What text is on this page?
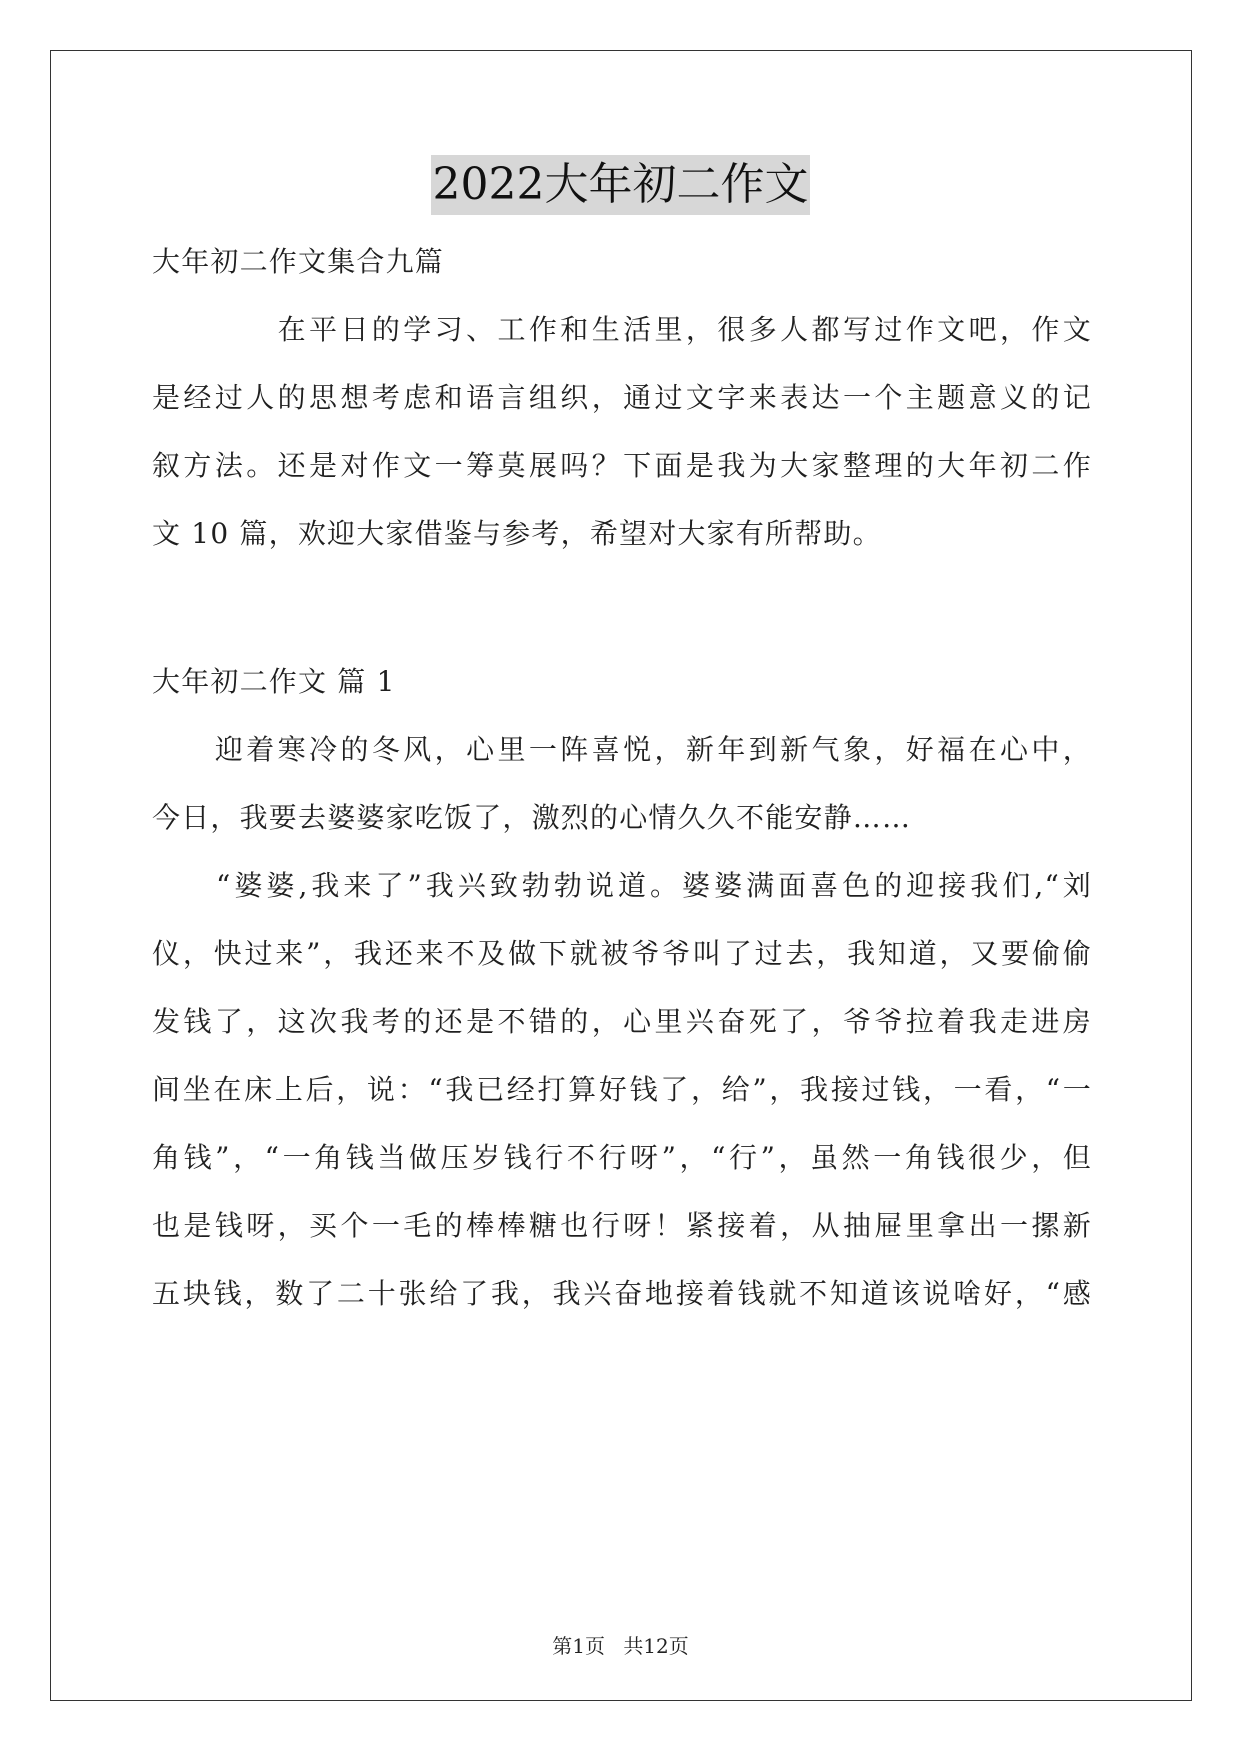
2022大年初二作文
大年初二作文集合九篇
　　　　在平日的学习、工作和生活里，很多人都写过作文吧，作文
是经过人的思想考虑和语言组织，通过文字来表达一个主题意义的记
叙方法。还是对作文一筹莫展吗？下面是我为大家整理的大年初二作
文 10 篇，欢迎大家借鉴与参考，希望对大家有所帮助。
大年初二作文 篇 1
　　迎着寒冷的冬风，心里一阵喜悦，新年到新气象，好福在心中，
今日，我要去婆婆家吃饭了，激烈的心情久久不能安静……
　　“婆婆,我来了”我兴致勃勃说道。婆婆满面喜色的迎接我们,“刘
仪，快过来”，我还来不及做下就被爷爷叫了过去，我知道，又要偷偷
发钱了，这次我考的还是不错的，心里兴奋死了，爷爷拉着我走进房
间坐在床上后，说：“我已经打算好钱了，给”，我接过钱，一看，“一
角钱”，“一角钱当做压岁钱行不行呀”，“行”，虽然一角钱很少，但
也是钱呀，买个一毛的棒棒糖也行呀！紧接着，从抽屉里拿出一摞新
五块钱，数了二十张给了我，我兴奋地接着钱就不知道该说啥好，“感
第1页 共12页
